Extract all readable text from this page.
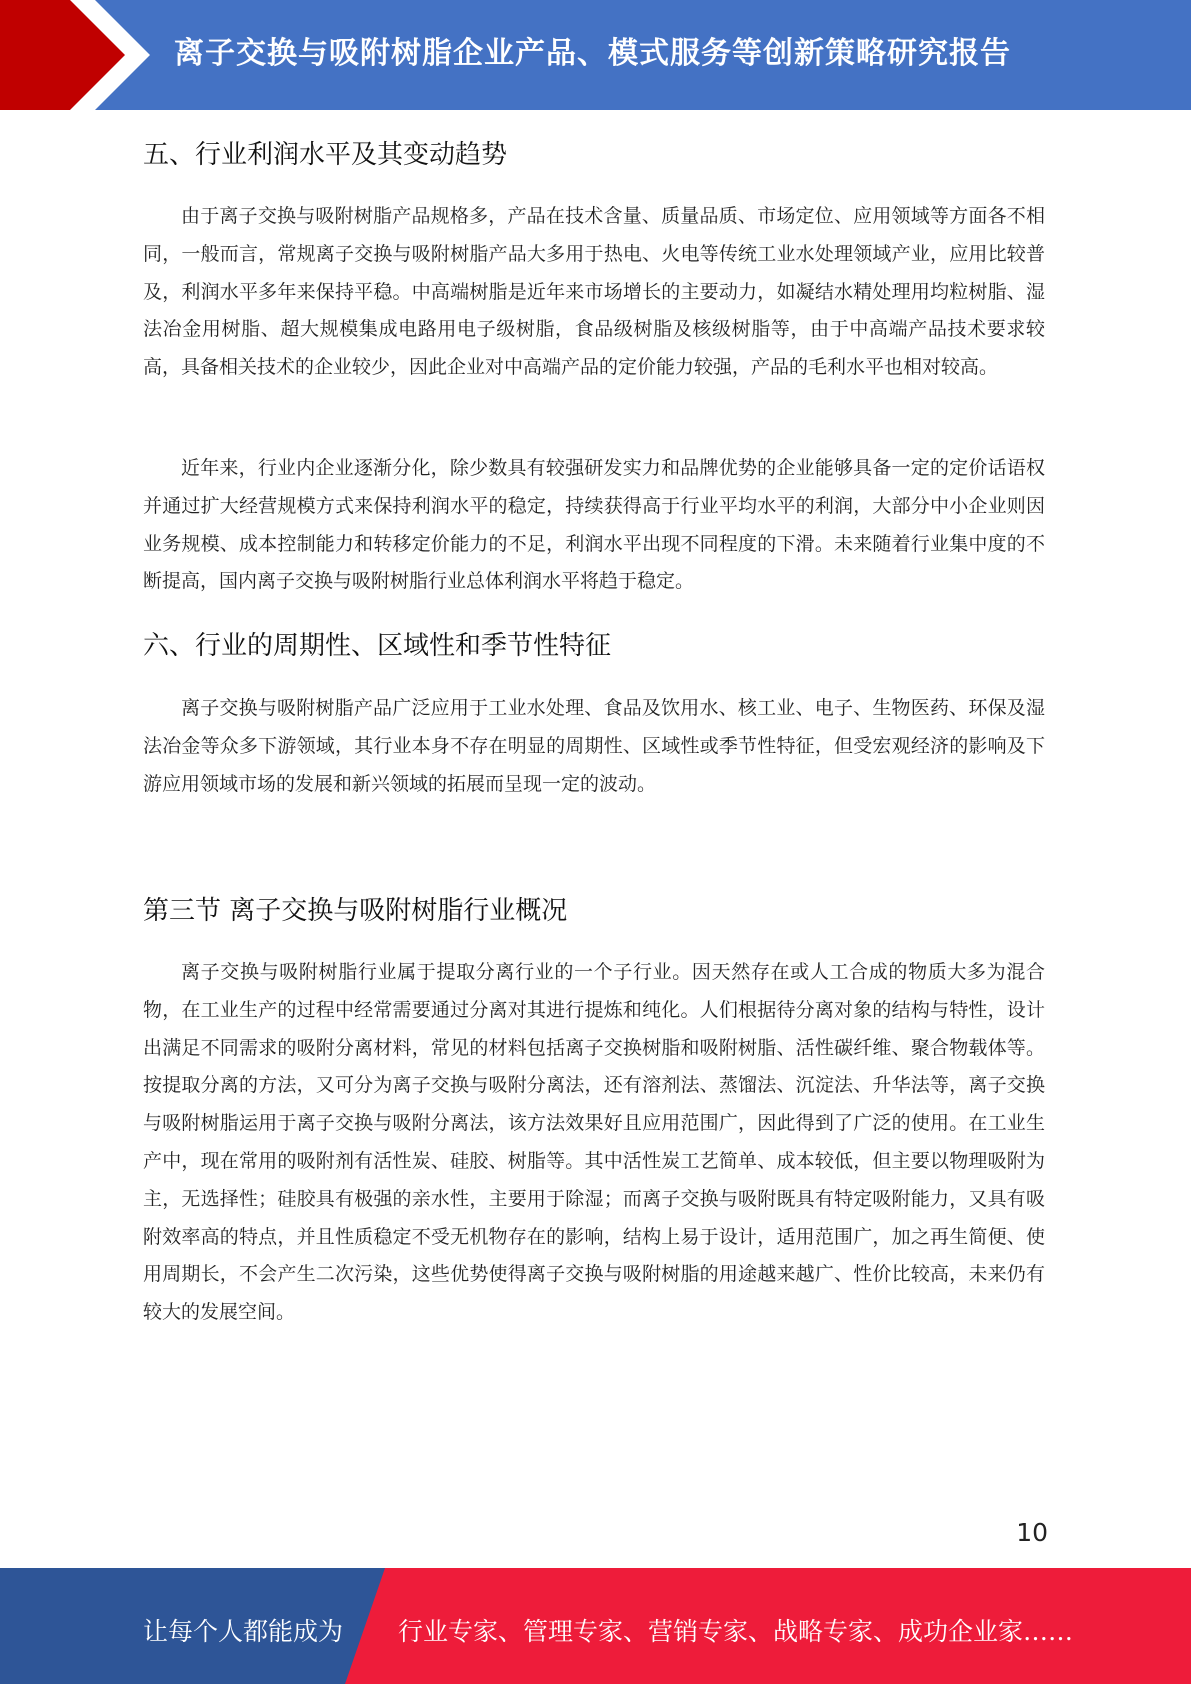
离子交换与吸附树脂企业产品、模式服务等创新策略研究报告
五、行业利润水平及其变动趋势

由于离子交换与吸附树脂产品规格多，产品在技术含量、质量品质、市场定位、应用领域等方面各不相同，一般而言，常规离子交换与吸附树脂产品大多用于热电、火电等传统工业水处理领域产业，应用比较普及，利润水平多年来保持平稳。中高端树脂是近年来市场增长的主要动力，如凝结水精处理用均粒树脂、湿法冶金用树脂、超大规模集成电路用电子级树脂，食品级树脂及核级树脂等，由于中高端产品技术要求较高，具备相关技术的企业较少，因此企业对中高端产品的定价能力较强，产品的毛利水平也相对较高。

近年来，行业内企业逐渐分化，除少数具有较强研发实力和品牌优势的企业能够具备一定的定价话语权并通过扩大经营规模方式来保持利润水平的稳定，持续获得高于行业平均水平的利润，大部分中小企业则因业务规模、成本控制能力和转移定价能力的不足，利润水平出现不同程度的下滑。未来随着行业集中度的不断提高，国内离子交换与吸附树脂行业总体利润水平将趋于稳定。

六、行业的周期性、区域性和季节性特征

离子交换与吸附树脂产品广泛应用于工业水处理、食品及饮用水、核工业、电子、生物医药、环保及湿法冶金等众多下游领域，其行业本身不存在明显的周期性、区域性或季节性特征，但受宏观经济的影响及下游应用领域市场的发展和新兴领域的拓展而呈现一定的波动。

第三节 离子交换与吸附树脂行业概况

离子交换与吸附树脂行业属于提取分离行业的一个子行业。因天然存在或人工合成的物质大多为混合物，在工业生产的过程中经常需要通过分离对其进行提炼和纯化。人们根据待分离对象的结构与特性，设计出满足不同需求的吸附分离材料，常见的材料包括离子交换树脂和吸附树脂、活性碳纤维、聚合物载体等。按提取分离的方法，又可分为离子交换与吸附分离法，还有溶剂法、蒸馏法、沉淀法、升华法等，离子交换与吸附树脂运用于离子交换与吸附分离法，该方法效果好且应用范围广，因此得到了广泛的使用。在工业生产中，现在常用的吸附剂有活性炭、硅胶、树脂等。其中活性炭工艺简单、成本较低，但主要以物理吸附为主，无选择性；硅胶具有极强的亲水性，主要用于除湿；而离子交换与吸附既具有特定吸附能力，又具有吸附效率高的特点，并且性质稳定不受无机物存在的影响，结构上易于设计，适用范围广，加之再生简便、使用周期长，不会产生二次污染，这些优势使得离子交换与吸附树脂的用途越来越广、性价比较高，未来仍有较大的发展空间。

10
让每个人都能成为 行业专家、管理专家、营销专家、战略专家、成功企业家……
